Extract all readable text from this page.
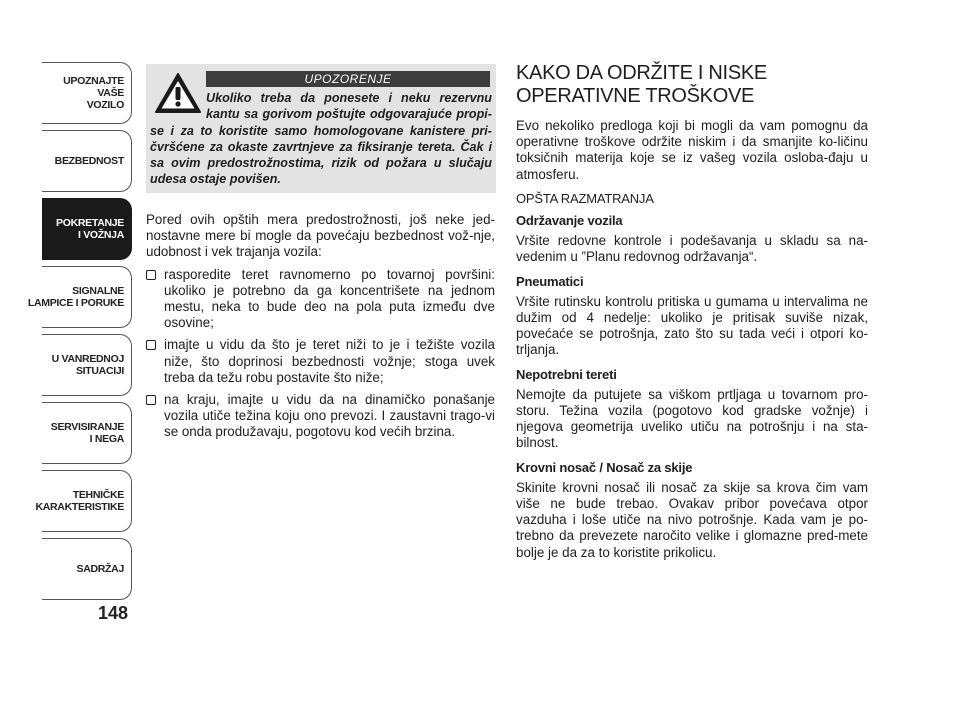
UPOZNAJTE
VAŠE
VOZILO
BEZBEDNOST
POKRETANJE
I VOŽNJA
SIGNALNE
LAMPICE I PORUKE
U VANREDNOJ
SITUACIJI
SERVISIRANJE
I NEGA
TEHNIČKE
KARAKTERISTIKE
SADRŽAJ
148
UPOZORENJE
Ukoliko treba da ponesete i neku rezervnu kantu sa gorivom poštujte odgovarajuće propi-se i za to koristite samo homologovane kanistere pri-čvršćene za okaste zavrtnjeve za fiksiranje tereta. Čak i sa ovim predostrožnostima, rizik od požara u slučaju udesa ostaje povišen.

Pored ovih opštih mera predostrožnosti, još neke jed-nostavne mere bi mogle da povećaju bezbednost vož-nje, udobnost i vek trajanja vozila:

rasporedite teret ravnomerno po tovarnoj površini: ukoliko je potrebno da ga koncentrišete na jednom mestu, neka to bude deo na pola puta između dve osovine;
imajte u vidu da što je teret niži to je i težište vozila niže, što doprinosi bezbednosti vožnje; stoga uvek treba da težu robu postavite što niže;
na kraju, imajte u vidu da na dinamičko ponašanje vozila utiče težina koju ono prevozi. I zaustavni trago-vi se onda produžavaju, pogotovu kod većih brzina.
KAKO DA ODRŽITE I NISKE
OPERATIVNE TROŠKOVE

Evo nekoliko predloga koji bi mogli da vam pomognu da operativne troškove održite niskim i da smanjite ko-ličinu toksičnih materija koje se iz vašeg vozila osloba-đaju u atmosferu.

OPŠTA RAZMATRANJA
Održavanje vozila

Vršite redovne kontrole i podešavanja u skladu sa na-vedenim u ”Planu redovnog održavanja“.

Pneumatici

Vršite rutinsku kontrolu pritiska u gumama u intervalima ne dužim od 4 nedelje: ukoliko je pritisak suviše nizak, povećaće se potrošnja, zato što su tada veći i otpori ko-trljanja.

Nepotrebni tereti

Nemojte da putujete sa viškom prtljaga u tovarnom pro-storu. Težina vozila (pogotovo kod gradske vožnje) i njegova geometrija uveliko utiču na potrošnju i na sta-bilnost.

Krovni nosač / Nosač za skije

Skinite krovni nosač ili nosač za skije sa krova čim vam više ne bude trebao. Ovakav pribor povećava otpor vazduha i loše utiče na nivo potrošnje. Kada vam je po-trebno da prevezete naročito velike i glomazne pred-mete bolje je da za to koristite prikolicu.
